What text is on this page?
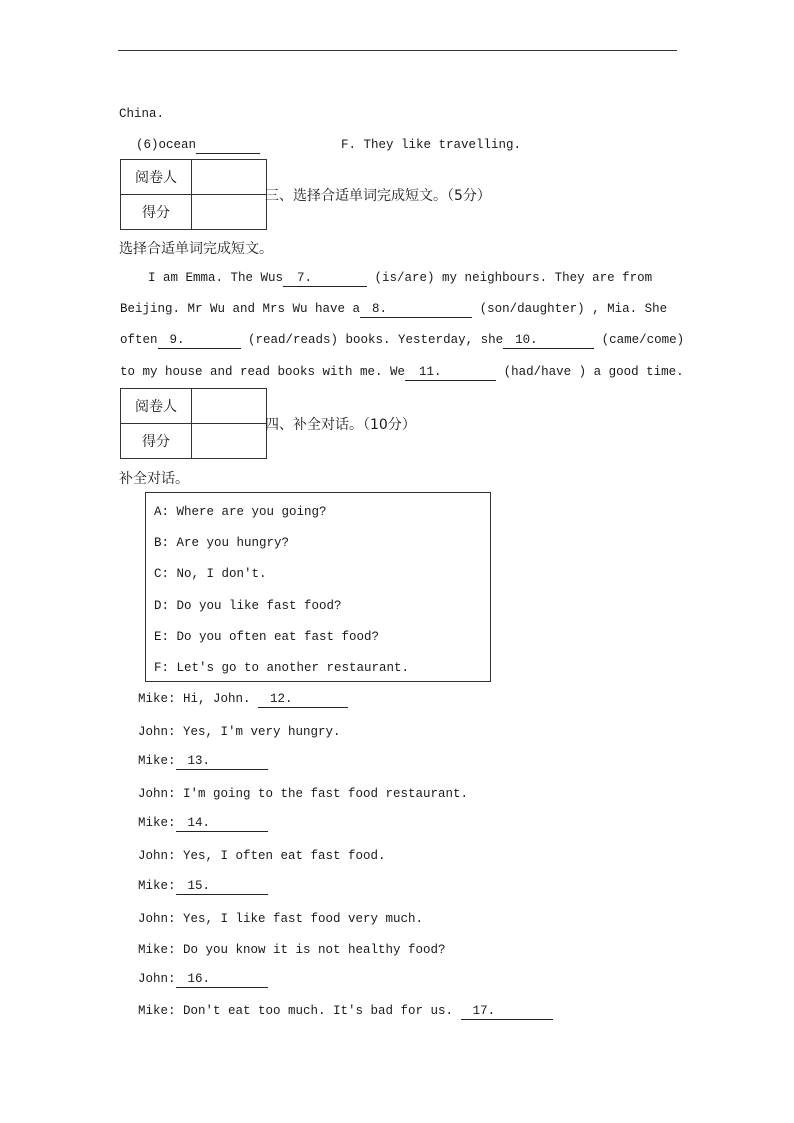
China.
(6)ocean	F. They like travelling.
阅卷人	
得分	
三、选择合适单词完成短文。（5分）
选择合适单词完成短文。
I am Emma. The Wus 7.	(is/are) my neighbours. They are from
Beijing. Mr Wu and Mrs Wu have a 8.	(son/daughter) , Mia. She
often 9.	(read/reads) books. Yesterday, she 10.	(came/come)
to my house and read books with me. We 11.	(had/have ) a good time.
阅卷人	
得分	
四、补全对话。（10分）
补全对话。
A: Where are you going?
B: Are you hungry?
C: No, I don't.
D: Do you like fast food?
E: Do you often eat fast food?
F: Let's go to another restaurant.
Mike: Hi, John. 12.
John: Yes, I'm very hungry.
Mike: 13.
John: I'm going to the fast food restaurant.
Mike: 14.
John: Yes, I often eat fast food.
Mike: 15.
John: Yes, I like fast food very much.
Mike: Do you know it is not healthy food?
John: 16.
Mike: Don't eat too much. It's bad for us. 17.
